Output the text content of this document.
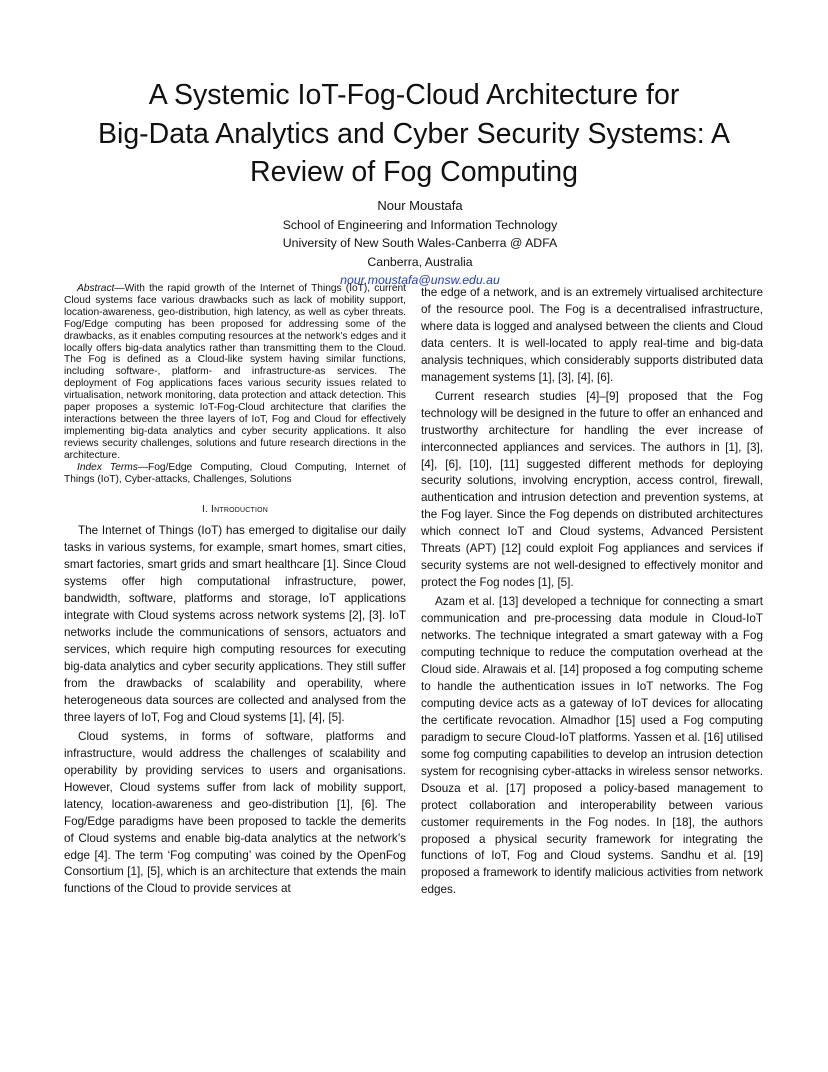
A Systemic IoT-Fog-Cloud Architecture for
Big-Data Analytics and Cyber Security Systems: A
Review of Fog Computing
Nour Moustafa
School of Engineering and Information Technology
University of New South Wales-Canberra @ ADFA
Canberra, Australia
nour.moustafa@unsw.edu.au

Abstract—With the rapid growth of the Internet of Things (IoT), current Cloud systems face various drawbacks such as lack of mobility support, location-awareness, geo-distribution, high latency, as well as cyber threats. Fog/Edge computing has been proposed for addressing some of the drawbacks, as it enables computing resources at the network’s edges and it locally offers big-data analytics rather than transmitting them to the Cloud. The Fog is defined as a Cloud-like system having similar functions, including software-, platform- and infrastructure-as services. The deployment of Fog applications faces various security issues related to virtualisation, network monitoring, data protection and attack detection. This paper proposes a systemic IoT-Fog-Cloud architecture that clarifies the interactions between the three layers of IoT, Fog and Cloud for effectively implementing big-data analytics and cyber security applications. It also reviews security challenges, solutions and future research directions in the architecture.

Index Terms—Fog/Edge Computing, Cloud Computing, Internet of Things (IoT), Cyber-attacks, Challenges, Solutions

I. Introduction

The Internet of Things (IoT) has emerged to digitalise our daily tasks in various systems, for example, smart homes, smart cities, smart factories, smart grids and smart healthcare [1]. Since Cloud systems offer high computational infrastructure, power, bandwidth, software, platforms and storage, IoT applications integrate with Cloud systems across network systems [2], [3]. IoT networks include the communications of sensors, actuators and services, which require high computing resources for executing big-data analytics and cyber security applications. They still suffer from the drawbacks of scalability and operability, where heterogeneous data sources are collected and analysed from the three layers of IoT, Fog and Cloud systems [1], [4], [5].

Cloud systems, in forms of software, platforms and infrastructure, would address the challenges of scalability and operability by providing services to users and organisations. However, Cloud systems suffer from lack of mobility support, latency, location-awareness and geo-distribution [1], [6]. The Fog/Edge paradigms have been proposed to tackle the demerits of Cloud systems and enable big-data analytics at the network’s edge [4]. The term ‘Fog computing’ was coined by the OpenFog Consortium [1], [5], which is an architecture that extends the main functions of the Cloud to provide services at

the edge of a network, and is an extremely virtualised architecture of the resource pool. The Fog is a decentralised infrastructure, where data is logged and analysed between the clients and Cloud data centers. It is well-located to apply real-time and big-data analysis techniques, which considerably supports distributed data management systems [1], [3], [4], [6].

Current research studies [4]–[9] proposed that the Fog technology will be designed in the future to offer an enhanced and trustworthy architecture for handling the ever increase of interconnected appliances and services. The authors in [1], [3], [4], [6], [10], [11] suggested different methods for deploying security solutions, involving encryption, access control, firewall, authentication and intrusion detection and prevention systems, at the Fog layer. Since the Fog depends on distributed architectures which connect IoT and Cloud systems, Advanced Persistent Threats (APT) [12] could exploit Fog appliances and services if security systems are not well-designed to effectively monitor and protect the Fog nodes [1], [5].

Azam et al. [13] developed a technique for connecting a smart communication and pre-processing data module in Cloud-IoT networks. The technique integrated a smart gateway with a Fog computing technique to reduce the computation overhead at the Cloud side. Alrawais et al. [14] proposed a fog computing scheme to handle the authentication issues in IoT networks. The Fog computing device acts as a gateway of IoT devices for allocating the certificate revocation. Almadhor [15] used a Fog computing paradigm to secure Cloud-IoT platforms. Yassen et al. [16] utilised some fog computing capabilities to develop an intrusion detection system for recognising cyber-attacks in wireless sensor networks. Dsouza et al. [17] proposed a policy-based management to protect collaboration and interoperability between various customer requirements in the Fog nodes. In [18], the authors proposed a physical security framework for integrating the functions of IoT, Fog and Cloud systems. Sandhu et al. [19] proposed a framework to identify malicious activities from network edges.
